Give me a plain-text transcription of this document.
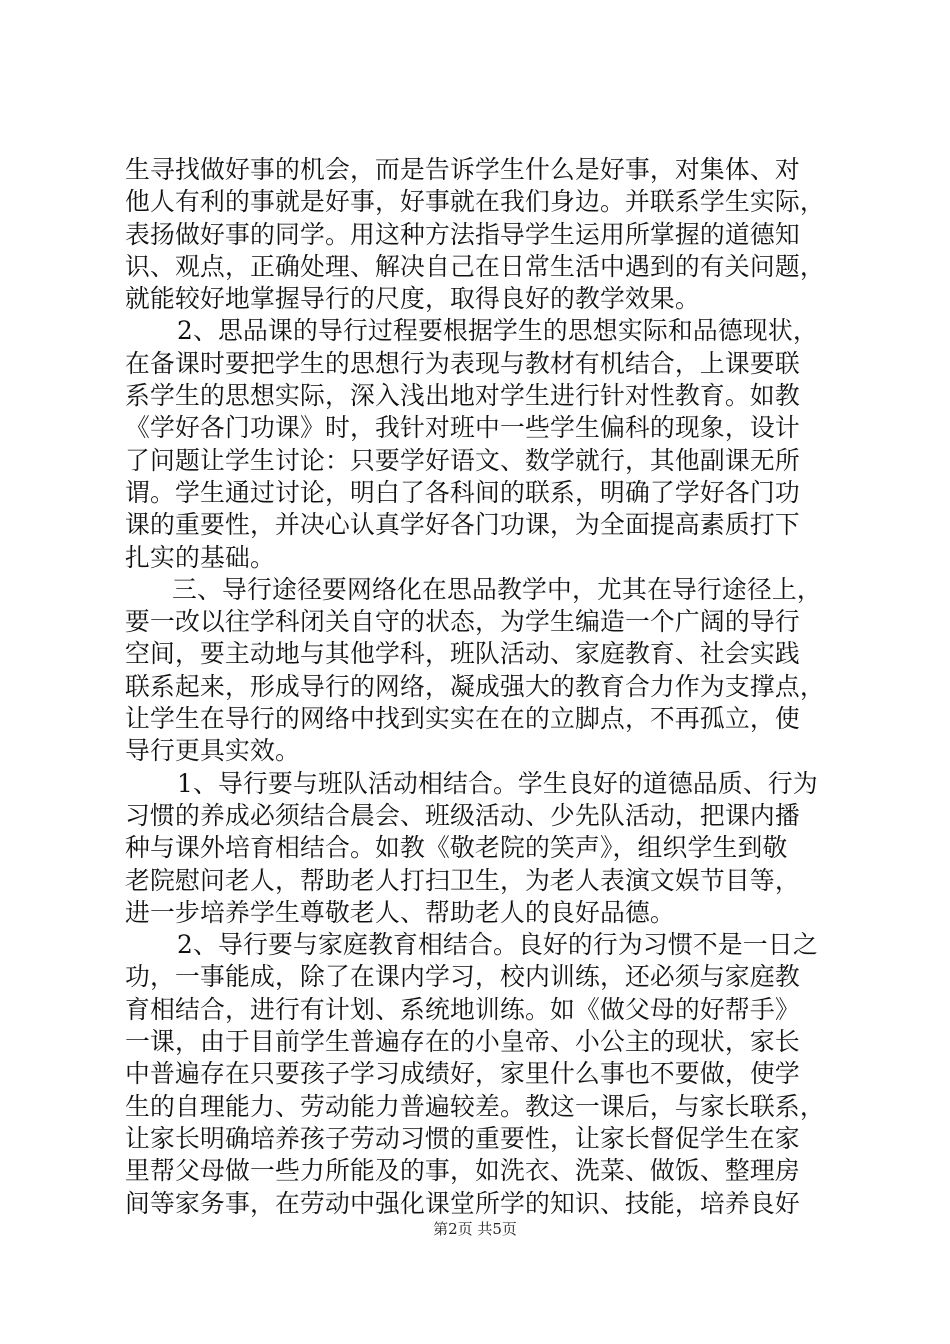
生寻找做好事的机会，而是告诉学生什么是好事，对集体、对
他人有利的事就是好事，好事就在我们身边。并联系学生实际，
表扬做好事的同学。用这种方法指导学生运用所掌握的道德知
识、观点，正确处理、解决自己在日常生活中遇到的有关问题，
就能较好地掌握导行的尺度，取得良好的教学效果。
2、思品课的导行过程要根据学生的思想实际和品德现状，
在备课时要把学生的思想行为表现与教材有机结合，上课要联
系学生的思想实际，深入浅出地对学生进行针对性教育。如教
《学好各门功课》时，我针对班中一些学生偏科的现象，设计
了问题让学生讨论：只要学好语文、数学就行，其他副课无所
谓。学生通过讨论，明白了各科间的联系，明确了学好各门功
课的重要性，并决心认真学好各门功课，为全面提高素质打下
扎实的基础。
三、导行途径要网络化在思品教学中，尤其在导行途径上，
要一改以往学科闭关自守的状态，为学生编造一个广阔的导行
空间，要主动地与其他学科，班队活动、家庭教育、社会实践
联系起来，形成导行的网络，凝成强大的教育合力作为支撑点，
让学生在导行的网络中找到实实在在的立脚点，不再孤立，使
导行更具实效。
1、导行要与班队活动相结合。学生良好的道德品质、行为
习惯的养成必须结合晨会、班级活动、少先队活动，把课内播
种与课外培育相结合。如教《敬老院的笑声》，组织学生到敬
老院慰问老人，帮助老人打扫卫生，为老人表演文娱节目等，
进一步培养学生尊敬老人、帮助老人的良好品德。
2、导行要与家庭教育相结合。良好的行为习惯不是一日之
功，一事能成，除了在课内学习，校内训练，还必须与家庭教
育相结合，进行有计划、系统地训练。如《做父母的好帮手》
一课，由于目前学生普遍存在的小皇帝、小公主的现状，家长
中普遍存在只要孩子学习成绩好，家里什么事也不要做，使学
生的自理能力、劳动能力普遍较差。教这一课后，与家长联系，
让家长明确培养孩子劳动习惯的重要性，让家长督促学生在家
里帮父母做一些力所能及的事，如洗衣、洗菜、做饭、整理房
间等家务事，在劳动中强化课堂所学的知识、技能，培养良好
第2页 共5页
